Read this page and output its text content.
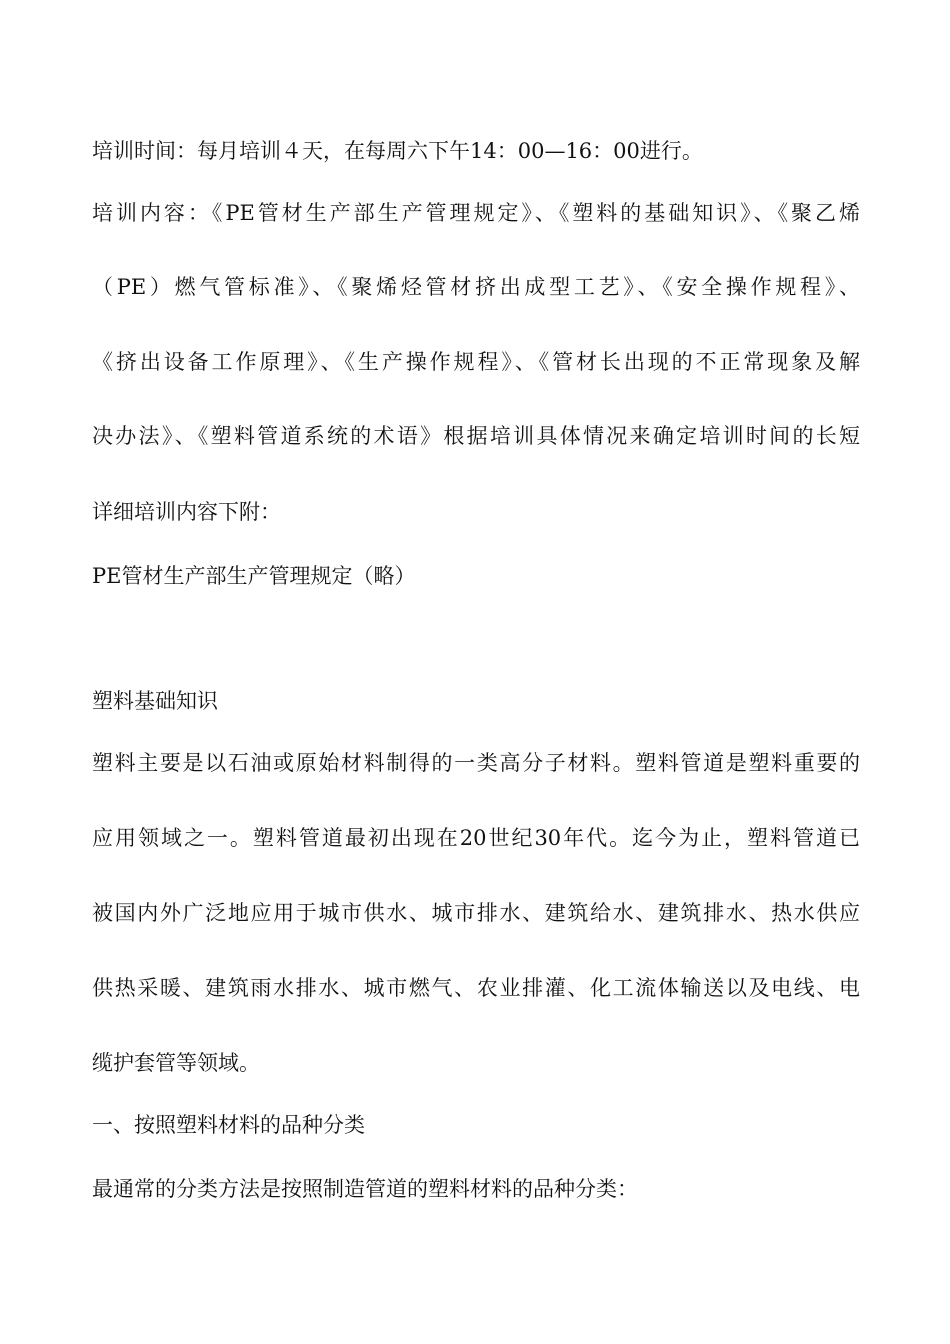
培训时间：每月培训４天，在每周六下午14：00—16：00进行。
培训内容：《PE管材生产部生产管理规定》、《塑料的基础知识》、《聚乙烯
（PE）燃气管标准》、《聚烯烃管材挤出成型工艺》、《安全操作规程》、
《挤出设备工作原理》、《生产操作规程》、《管材长出现的不正常现象及解
决办法》、《塑料管道系统的术语》根据培训具体情况来确定培训时间的长短
详细培训内容下附：
PE管材生产部生产管理规定（略）
塑料基础知识
塑料主要是以石油或原始材料制得的一类高分子材料。塑料管道是塑料重要的
应用领域之一。塑料管道最初出现在20世纪30年代。迄今为止，塑料管道已
被国内外广泛地应用于城市供水、城市排水、建筑给水、建筑排水、热水供应
供热采暖、建筑雨水排水、城市燃气、农业排灌、化工流体输送以及电线、电
缆护套管等领域。
一、按照塑料材料的品种分类
最通常的分类方法是按照制造管道的塑料材料的品种分类：
